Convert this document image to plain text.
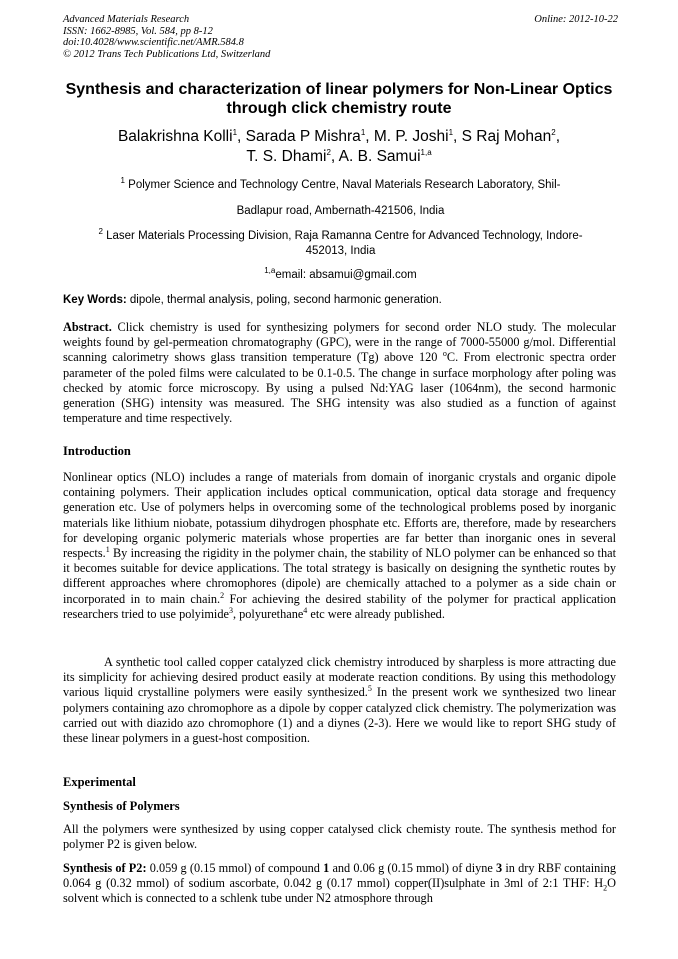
Advanced Materials Research
ISSN: 1662-8985, Vol. 584, pp 8-12
doi:10.4028/www.scientific.net/AMR.584.8
© 2012 Trans Tech Publications Ltd, Switzerland
Online: 2012-10-22
Synthesis and characterization of linear polymers for Non-Linear Optics
through click chemistry route
Balakrishna Kolli$^1$, Sarada P Mishra$^1$, M. P. Joshi$^1$, S Raj Mohan$^2$,
T. S. Dhami$^2$, A. B. Samui$^{1,a}$
$^1$ Polymer Science and Technology Centre, Naval Materials Research Laboratory, Shil-
Badlapur road, Ambernath-421506, India
$^2$ Laser Materials Processing Division, Raja Ramanna Centre for Advanced Technology, Indore-
452013, India
$^{1,a}$email: absamui@gmail.com
Key Words: dipole, thermal analysis, poling, second harmonic generation.
Abstract. Click chemistry is used for synthesizing polymers for second order NLO study. The molecular weights found by gel-permeation chromatography (GPC), were in the range of 7000-55000 g/mol. Differential scanning calorimetry shows glass transition temperature (Tg) above 120 $^o$C. From electronic spectra order parameter of the poled films were calculated to be 0.1-0.5. The change in surface morphology after poling was checked by atomic force microscopy. By using a pulsed Nd:YAG laser (1064nm), the second harmonic generation (SHG) intensity was measured. The SHG intensity was also studied as a function of against temperature and time respectively.
Introduction
Nonlinear optics (NLO) includes a range of materials from domain of inorganic crystals and organic dipole containing polymers. Their application includes optical communication, optical data storage and frequency generation etc. Use of polymers helps in overcoming some of the technological problems posed by inorganic materials like lithium niobate, potassium dihydrogen phosphate etc. Efforts are, therefore, made by researchers for developing organic polymeric materials whose properties are far better than inorganic ones in several respects.$^1$ By increasing the rigidity in the polymer chain, the stability of NLO polymer can be enhanced so that it becomes suitable for device applications. The total strategy is basically on designing the synthetic routes by different approaches where chromophores (dipole) are chemically attached to a polymer as a side chain or incorporated in to main chain.$^2$ For achieving the desired stability of the polymer for practical application researchers tried to use polyimide$^3$, polyurethane$^4$ etc were already published.
A synthetic tool called copper catalyzed click chemistry introduced by sharpless is more attracting due its simplicity for achieving desired product easily at moderate reaction conditions. By using this methodology various liquid crystalline polymers were easily synthesized.$^5$ In the present work we synthesized two linear polymers containing azo chromophore as a dipole by copper catalyzed click chemistry. The polymerization was carried out with diazido azo chromophore (1) and a diynes (2-3). Here we would like to report SHG study of these linear polymers in a guest-host composition.
Experimental
Synthesis of Polymers
All the polymers were synthesized by using copper catalysed click chemisty route. The synthesis method for polymer P2 is given below.
Synthesis of P2: 0.059 g (0.15 mmol) of compound 1 and 0.06 g (0.15 mmol) of diyne 3 in dry RBF containing 0.064 g (0.32 mmol) of sodium ascorbate, 0.042 g (0.17 mmol) copper(II)sulphate in 3ml of 2:1 THF: $H_2O$ solvent which is connected to a schlenk tube under N2 atmosphore through
